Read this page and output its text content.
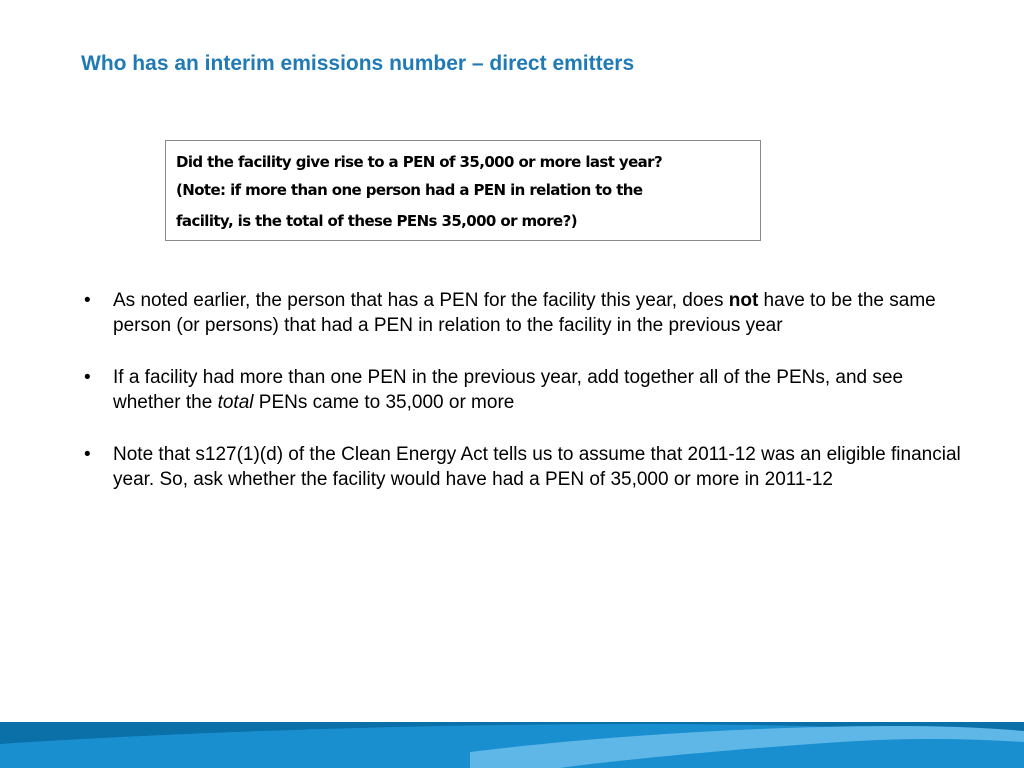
Who has an interim emissions number – direct emitters
Did the facility give rise to a PEN of 35,000 or more last year?
(Note: if more than one person had a PEN in relation to the
facility, is the total of these PENs 35,000 or more?)
• As noted earlier, the person that has a PEN for the facility this year, does not have to be the same person (or persons) that had a PEN in relation to the facility in the previous year
• If a facility had more than one PEN in the previous year, add together all of the PENs, and see whether the total PENs came to 35,000 or more
• Note that s127(1)(d) of the Clean Energy Act tells us to assume that 2011-12 was an eligible financial year. So, ask whether the facility would have had a PEN of 35,000 or more in 2011-12
